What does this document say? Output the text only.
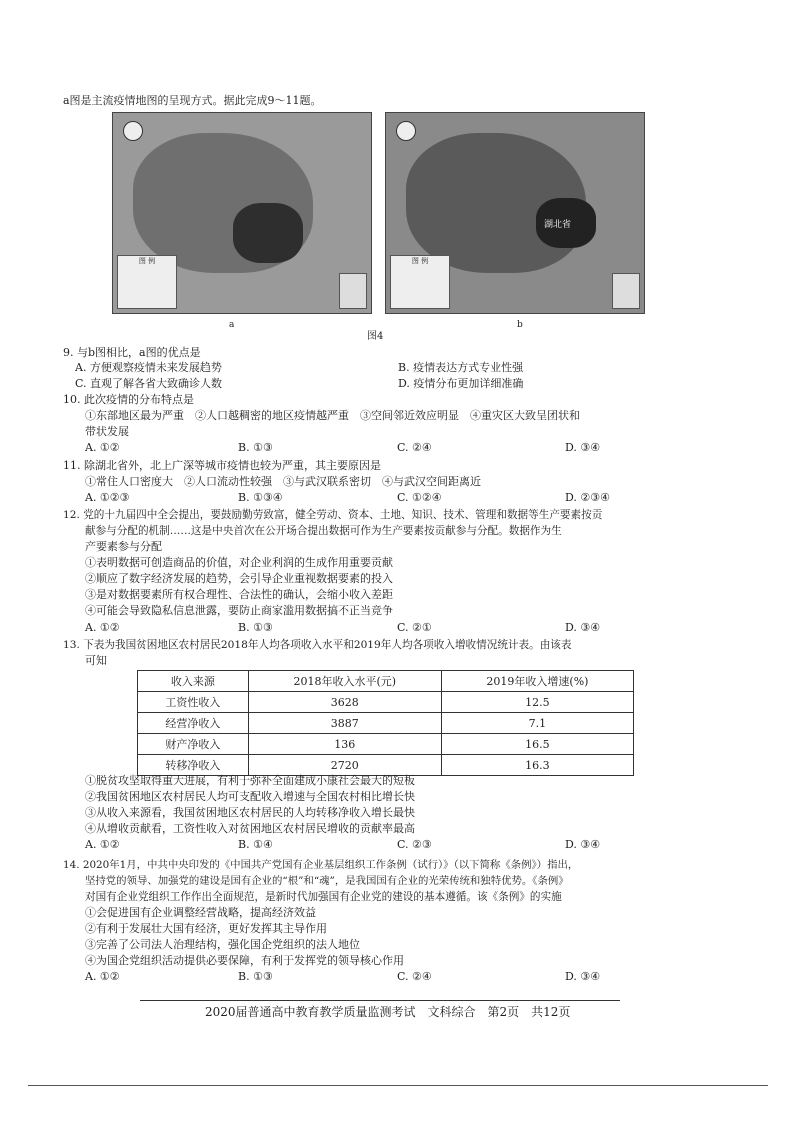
a图是主流疫情地图的呈现方式。据此完成9～11题。
图 例
湖北省
图 例
a	b
图4
9. 与b图相比，a图的优点是
A. 方便观察疫情未来发展趋势	B. 疫情表达方式专业性强
C. 直观了解各省大致确诊人数	D. 疫情分布更加详细准确
10. 此次疫情的分布特点是
①东部地区最为严重　②人口越稠密的地区疫情越严重　③空间邻近效应明显　④重灾区大致呈团状和
带状发展
A. ①②	B. ①③	C. ②④	D. ③④
11. 除湖北省外，北上广深等城市疫情也较为严重，其主要原因是
①常住人口密度大　②人口流动性较强　③与武汉联系密切　④与武汉空间距离近
A. ①②③	B. ①③④	C. ①②④	D. ②③④
12. 党的十九届四中全会提出，要鼓励勤劳致富，健全劳动、资本、土地、知识、技术、管理和数据等生产要素按贡
献参与分配的机制……这是中央首次在公开场合提出数据可作为生产要素按贡献参与分配。数据作为生
产要素参与分配
①表明数据可创造商品的价值，对企业利润的生成作用重要贡献
②顺应了数字经济发展的趋势，会引导企业重视数据要素的投入
③是对数据要素所有权合理性、合法性的确认，会缩小收入差距
④可能会导致隐私信息泄露，要防止商家滥用数据搞不正当竞争
A. ①②	B. ①③	C. ②①	D. ③④
13. 下表为我国贫困地区农村居民2018年人均各项收入水平和2019年人均各项收入增收情况统计表。由该表
可知
收入来源	2018年收入水平(元)	2019年收入增速(%)
工资性收入	3628	12.5
经营净收入	3887	7.1
财产净收入	136	16.5
转移净收入	2720	16.3
①脱贫攻坚取得重大进展，有利于弥补全面建成小康社会最大的短板
②我国贫困地区农村居民人均可支配收入增速与全国农村相比增长快
③从收入来源看，我国贫困地区农村居民的人均转移净收入增长最快
④从增收贡献看，工资性收入对贫困地区农村居民增收的贡献率最高
A. ①②	B. ①④	C. ②③	D. ③④
14. 2020年1月，中共中央印发的《中国共产党国有企业基层组织工作条例（试行）》（以下简称《条例》）指出，
坚持党的领导、加强党的建设是国有企业的“根”和“魂”，是我国国有企业的光荣传统和独特优势。《条例》
对国有企业党组织工作作出全面规范，是新时代加强国有企业党的建设的基本遵循。该《条例》的实施
①会促进国有企业调整经营战略，提高经济效益
②有利于发展壮大国有经济，更好发挥其主导作用
③完善了公司法人治理结构，强化国企党组织的法人地位
④为国企党组织活动提供必要保障，有利于发挥党的领导核心作用
A. ①②	B. ①③	C. ②④	D. ③④
2020届普通高中教育教学质量监测考试　文科综合　第2页　共12页
